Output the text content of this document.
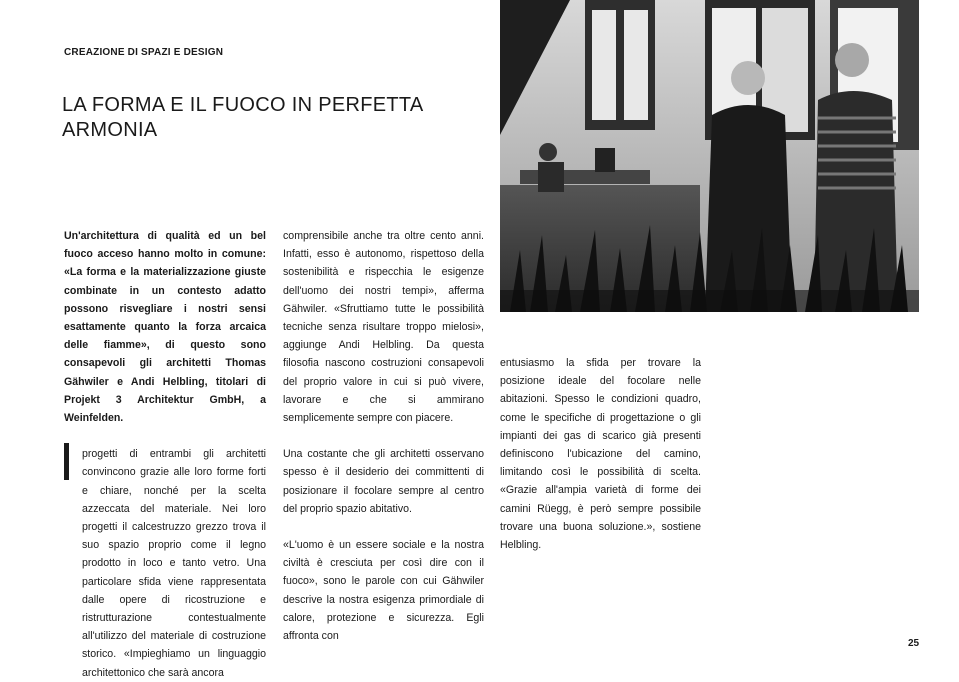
CREAZIONE DI SPAZI E DESIGN
LA FORMA E IL FUOCO IN PERFETTA ARMONIA

Un'architettura di qualità ed un bel fuoco acceso hanno molto in comune: «La forma e la materializzazione giuste combinate in un contesto adatto possono risvegliare i nostri sensi esattamente quanto la forza arcaica delle fiamme», di questo sono consapevoli gli architetti Thomas Gähwiler e Andi Helbling, titolari di Projekt 3 Architektur GmbH, a Weinfelden.

progetti di entrambi gli architetti convincono grazie alle loro forme forti e chiare, nonché per la scelta azzeccata del materiale. Nei loro progetti il calcestruzzo grezzo trova il suo spazio proprio come il legno prodotto in loco e tanto vetro. Una particolare sfida viene rappresentata dalle opere di ricostruzione e ristrutturazione contestualmente all'utilizzo del materiale di costruzione storico. «Impieghiamo un linguaggio architettonico che sarà ancora

comprensibile anche tra oltre cento anni. Infatti, esso è autonomo, rispettoso della sostenibilità e rispecchia le esigenze dell'uomo dei nostri tempi», afferma Gähwiler. «Sfruttiamo tutte le possibilità tecniche senza risultare troppo mielosi», aggiunge Andi Helbling. Da questa filosofia nascono costruzioni consapevoli del proprio valore in cui si può vivere, lavorare e che si ammirano semplicemente sempre con piacere.

Una costante che gli architetti osservano spesso è il desiderio dei committenti di posizionare il focolare sempre al centro del proprio spazio abitativo.

«L'uomo è un essere sociale e la nostra civiltà è cresciuta per così dire con il fuoco», sono le parole con cui Gähwiler descrive la nostra esigenza primordiale di calore, protezione e sicurezza. Egli affronta con

entusiasmo la sfida per trovare la posizione ideale del focolare nelle abitazioni. Spesso le condizioni quadro, come le specifiche di progettazione o gli impianti dei gas di scarico già presenti definiscono l'ubicazione del camino, limitando così le possibilità di scelta. «Grazie all'ampia varietà di forme dei camini Rüegg, è però sempre possibile trovare una buona soluzione.», sostiene Helbling.

25
